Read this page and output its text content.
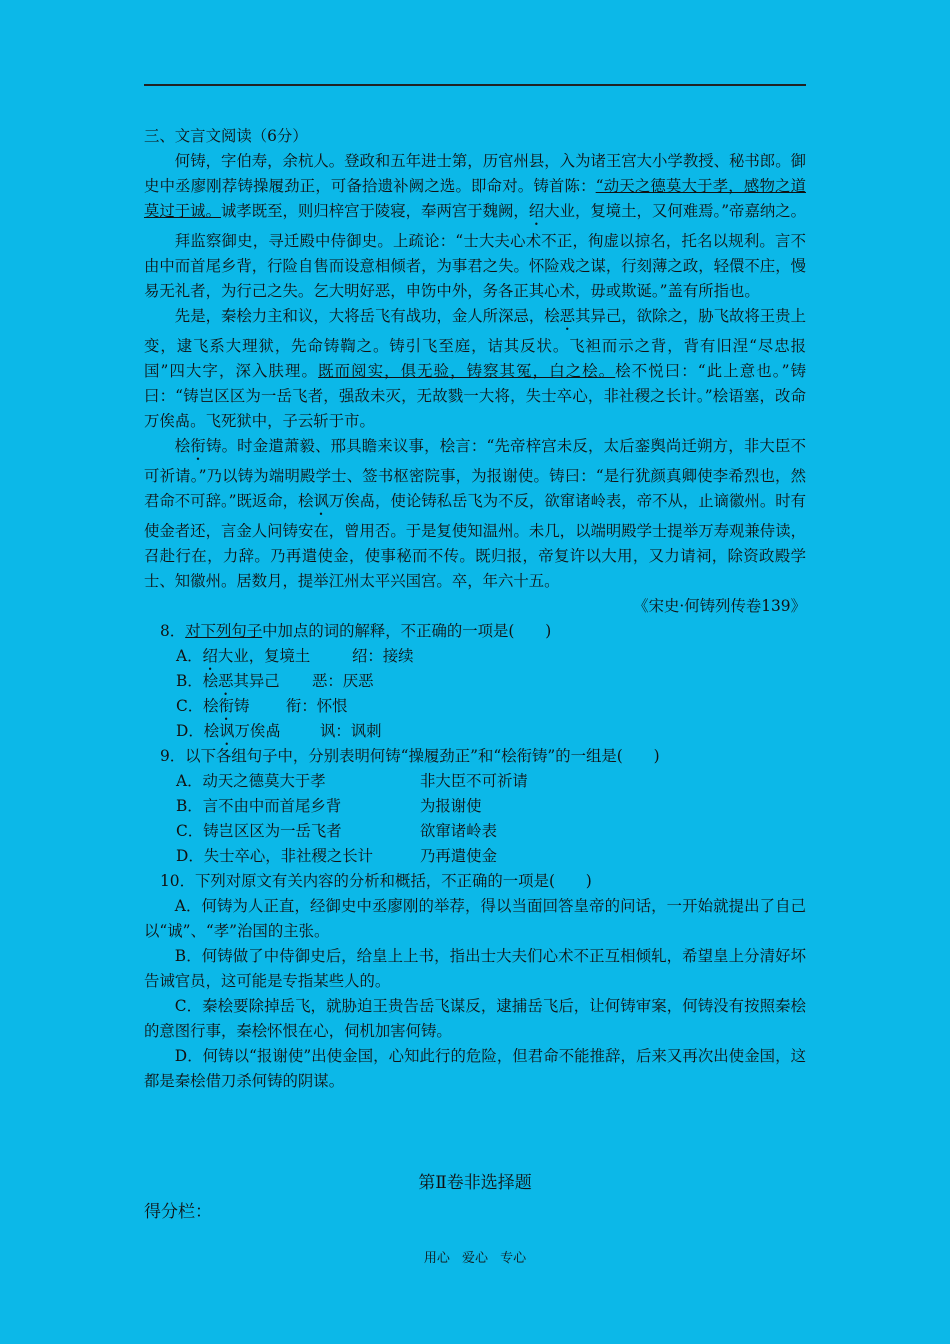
三、文言文阅读（6分）

何铸，字伯寿，余杭人。登政和五年进士第，历官州县，入为诸王宫大小学教授、秘书郎。御史中丞廖刚荐铸操履劲正，可备拾遗补阙之选。即命对。铸首陈：“动天之德莫大于孝，感物之道莫过于诚。诚孝既至，则归梓宫于陵寝，奉两宫于魏阙，绍大业，复境土，又何难焉。”帝嘉纳之。

拜监察御史，寻迁殿中侍御史。上疏论：“士大夫心术不正，徇虚以掠名，托名以规利。言不由中而首尾乡背，行险自售而设意相倾者，为事君之失。怀险戏之谋，行刻薄之政，轻儇不庄，慢易无礼者，为行己之失。乞大明好恶，申饬中外，务各正其心术，毋或欺诞。”盖有所指也。

先是，秦桧力主和议，大将岳飞有战功，金人所深忌，桧恶其异己，欲除之，胁飞故将王贵上变，逮飞系大理狱，先命铸鞫之。铸引飞至庭，诘其反状。飞袒而示之背，背有旧涅“尽忠报国”四大字，深入肤理。既而阅实，俱无验，铸察其冤，白之桧。桧不悦曰：“此上意也。”铸曰：“铸岂区区为一岳飞者，强敌未灭，无故戮一大将，失士卒心，非社稷之长计。”桧语塞，改命万俟卨。飞死狱中，子云斩于市。

桧衔铸。时金遣萧毅、邢具瞻来议事，桧言：“先帝梓宫未反，太后銮舆尚迁朔方，非大臣不可祈请。”乃以铸为端明殿学士、签书枢密院事，为报谢使。铸曰：“是行犹颜真卿使李希烈也，然君命不可辞。”既返命，桧讽万俟卨，使论铸私岳飞为不反，欲窜诸岭表，帝不从，止谪徽州。时有使金者还，言金人问铸安在，曾用否。于是复使知温州。未几，以端明殿学士提举万寿观兼侍读，召赴行在，力辞。乃再遣使金，使事秘而不传。既归报，帝复许以大用，又力请祠，除资政殿学士、知徽州。居数月，提举江州太平兴国宫。卒，年六十五。

《宋史·何铸列传卷139》

8．对下列句子中加点的词的解释，不正确的一项是(　　)

A．绍大业，复境土	绍：接续
B．桧恶其异己 恶：厌恶
C．桧衔铸 衔：怀恨
D．桧讽万俟卨	讽：讽刺

9．以下各组句子中，分别表明何铸“操履劲正”和“桧衔铸”的一组是(　　)

A．动天之德莫大于孝	非大臣不可祈请
B．言不由中而首尾乡背	为报谢使
C．铸岂区区为一岳飞者	欲窜诸岭表
D．失士卒心，非社稷之长计	乃再遣使金

10．下列对原文有关内容的分析和概括，不正确的一项是(　　)

A．何铸为人正直，经御史中丞廖刚的举荐，得以当面回答皇帝的问话，一开始就提出了自己以“诚”、“孝”治国的主张。

B．何铸做了中侍御史后，给皇上上书，指出士大夫们心术不正互相倾轧，希望皇上分清好坏告诫官员，这可能是专指某些人的。

C．秦桧要除掉岳飞，就胁迫王贵告岳飞谋反，逮捕岳飞后，让何铸审案，何铸没有按照秦桧的意图行事，秦桧怀恨在心，伺机加害何铸。

D．何铸以“报谢使”出使金国，心知此行的危险，但君命不能推辞，后来又再次出使金国，这都是秦桧借刀杀何铸的阴谋。

第Ⅱ卷非选择题
得分栏：
用心 爱心 专心
